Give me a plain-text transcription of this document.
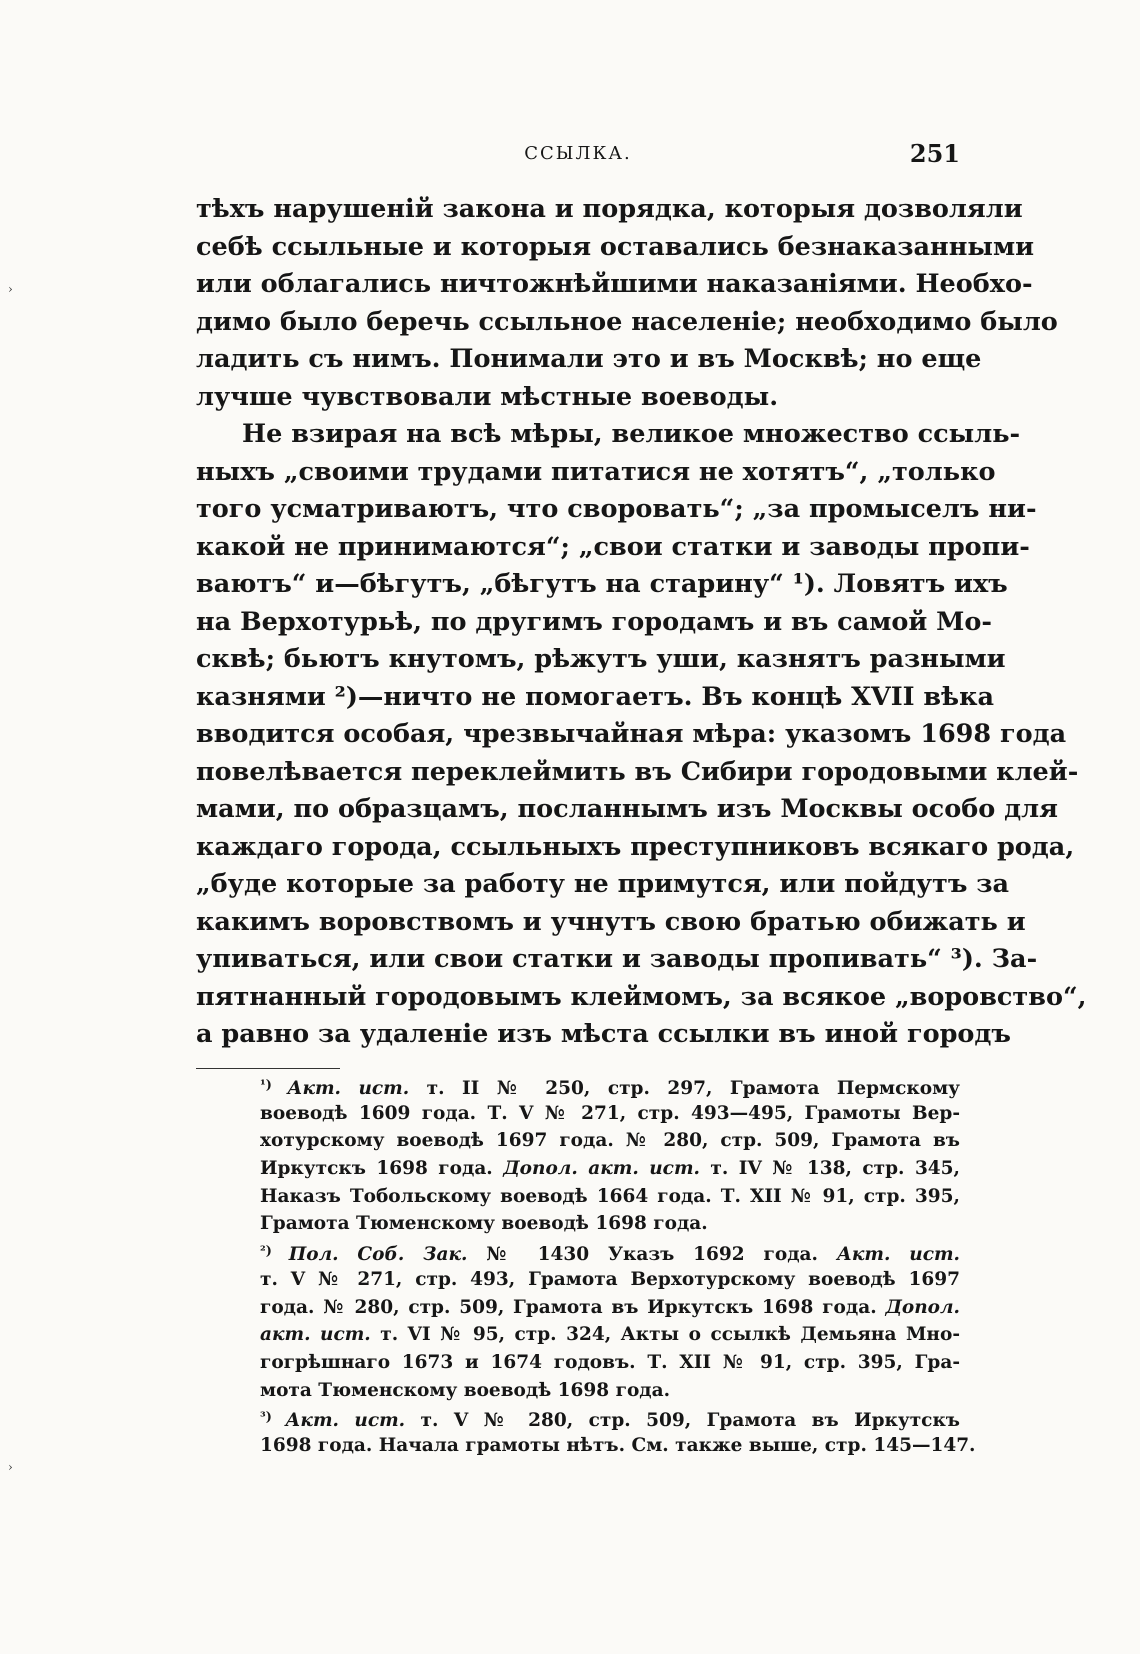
ССЫЛКА.	251
тѣхъ нарушеній закона и порядка, которыя дозволяли
себѣ ссыльные и которыя оставались безнаказанными
или облагались ничтожнѣйшими наказаніями. Необхо-
димо было беречь ссыльное населеніе; необходимо было
ладить съ нимъ. Понимали это и въ Москвѣ; но еще
лучше чувствовали мѣстные воеводы.
Не взирая на всѣ мѣры, великое множество ссыль-
ныхъ „своими трудами питатися не хотятъ“, „только
того усматриваютъ, что своровать“; „за промыселъ ни-
какой не принимаются“; „свои статки и заводы пропи-
ваютъ“ и—бѣгутъ, „бѣгутъ на старину“ ¹). Ловятъ ихъ
на Верхотурьѣ, по другимъ городамъ и въ самой Мо-
сквѣ; бьютъ кнутомъ, рѣжутъ уши, казнятъ разными
казнями ²)—ничто не помогаетъ. Въ концѣ XVII вѣка
вводится особая, чрезвычайная мѣра: указомъ 1698 года
повелѣвается переклеймить въ Сибири городовыми клей-
мами, по образцамъ, посланнымъ изъ Москвы особо для
каждаго города, ссыльныхъ преступниковъ всякаго рода,
„буде которые за работу не примутся, или пойдутъ за
какимъ воровствомъ и учнутъ свою братью обижать и
упиваться, или свои статки и заводы пропивать“ ³). За-
пятнанный городовымъ клеймомъ, за всякое „воровство“,
а равно за удаленіе изъ мѣста ссылки въ иной городъ
$^{^1)}$ Акт. ист. т. II № 250, стр. 297, Грамота Пермскому
воеводѣ 1609 года. Т. V № 271, стр. 493—495, Грамоты Вер-
хотурскому воеводѣ 1697 года. № 280, стр. 509, Грамота въ
Иркутскъ 1698 года. Допол. акт. ист. т. IV № 138, стр. 345,
Наказъ Тобольскому воеводѣ 1664 года. Т. XII № 91, стр. 395,
Грамота Тюменскому воеводѣ 1698 года.
$^{^2)}$ Пол. Соб. Зак. № 1430 Указъ 1692 года. Акт. ист.
т. V № 271, стр. 493, Грамота Верхотурскому воеводѣ 1697
года. № 280, стр. 509, Грамота въ Иркутскъ 1698 года. Допол.
акт. ист. т. VI № 95, стр. 324, Акты о ссылкѣ Демьяна Мно-
гогрѣшнаго 1673 и 1674 годовъ. Т. XII № 91, стр. 395, Гра-
мота Тюменскому воеводѣ 1698 года.
$^{^3)}$ Акт. ист. т. V № 280, стр. 509, Грамота въ Иркутскъ
1698 года. Начала грамоты нѣтъ. См. также выше, стр. 145—147.
›
›
